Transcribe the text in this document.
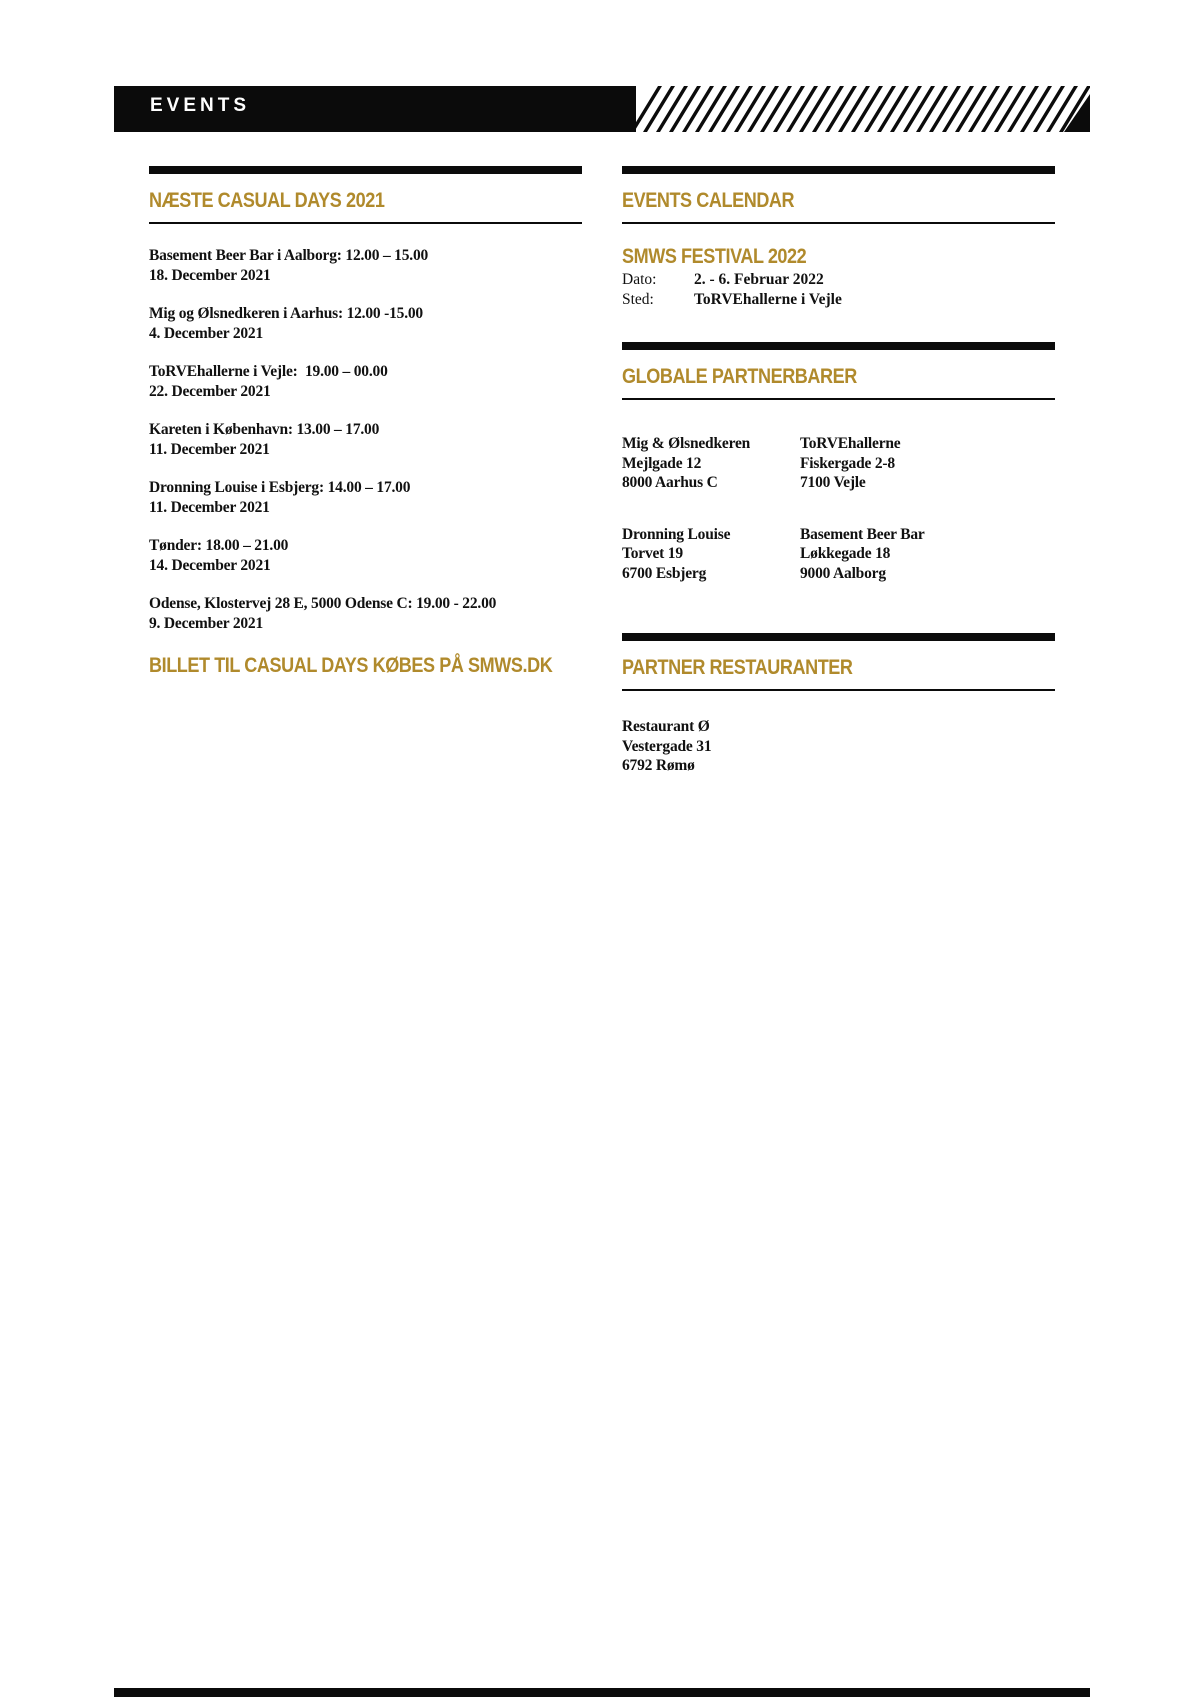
EVENTS
NÆSTE CASUAL DAYS 2021
Basement Beer Bar i Aalborg: 12.00 – 15.00
18. December 2021
Mig og Ølsnedkeren i Aarhus: 12.00 -15.00
4. December 2021
ToRVEhallerne i Vejle:  19.00 – 00.00
22. December 2021
Kareten i København: 13.00 – 17.00
11. December 2021
Dronning Louise i Esbjerg: 14.00 – 17.00
11. December 2021
Tønder: 18.00 – 21.00
14. December 2021
Odense, Klostervej 28 E, 5000 Odense C: 19.00 - 22.00
9. December 2021
BILLET TIL CASUAL DAYS KØBES PÅ SMWS.DK
EVENTS CALENDAR
SMWS FESTIVAL 2022
Dato:	2. - 6. Februar 2022
Sted:	ToRVEhallerne i Vejle
GLOBALE PARTNERBARER
Mig & Ølsnedkeren
Mejlgade 12
8000 Aarhus C
ToRVEhallerne
Fiskergade 2-8
7100 Vejle
Dronning Louise
Torvet 19
6700 Esbjerg
Basement Beer Bar
Løkkegade 18
9000 Aalborg
PARTNER RESTAURANTER
Restaurant Ø
Vestergade 31
6792 Rømø
